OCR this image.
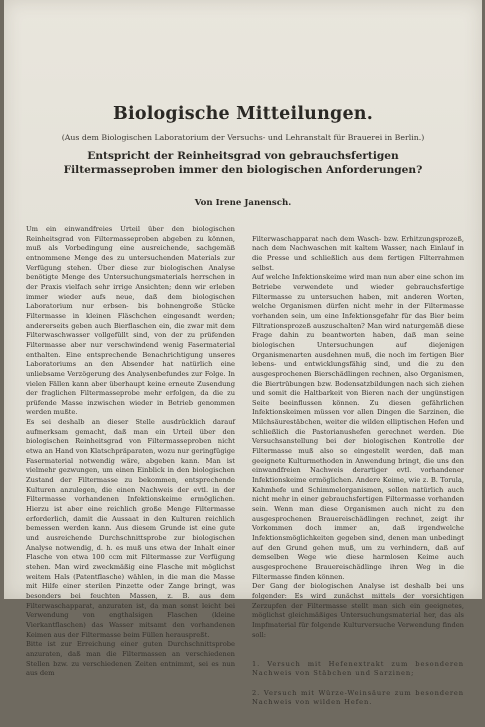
Biologische Mitteilungen.
(Aus dem Biologischen Laboratorium der Versuchs- und Lehranstalt für Brauerei in Berlin.)
Entspricht der Reinheitsgrad von gebrauchsfertigen Filtermasseproben immer den biologischen Anforderungen?
Von Irene Janensch.
Um ein einwandfreies Urteil über den biologischen Reinheitsgrad von Filtermasseproben abgeben zu können, muß als Vorbedingung eine ausreichende, sachgemäß entnommene Menge des zu untersuchenden Materials zur Verfügung stehen. Über diese zur biologischen Analyse benötigte Menge des Untersuchungsmaterials herrschen in der Praxis vielfach sehr irrige Ansichten; denn wir erleben immer wieder aufs neue, daß dem biologischen Laboratorium nur erbsen- bis bohnengroße Stücke Filtermasse in kleinen Fläschchen eingesandt werden; andererseits geben auch Bierflaschen ein, die zwar mit dem Filterwaschwasser vollgefüllt sind, von der zu prüfenden Filtermasse aber nur verschwindend wenig Fasermaterial enthalten. Eine entsprechende Benachrichtigung unseres Laboratoriums an den Absender hat natürlich eine unliebsame Verzögerung des Analysenbefundes zur Folge. In vielen Fällen kann aber überhaupt keine erneute Zusendung der fraglichen Filtermasseprobe mehr erfolgen, da die zu prüfende Masse inzwischen wieder in Betrieb genommen werden mußte.
Es sei deshalb an dieser Stelle ausdrücklich darauf aufmerksam gemacht, daß man ein Urteil über den biologischen Reinheitsgrad von Filtermasseproben nicht etwa an Hand von Klatschpräparaten, wozu nur geringfügige Fasermaterial notwendig wäre, abgeben kann. Man ist vielmehr gezwungen, um einen Einblick in den biologischen Zustand der Filtermasse zu bekommen, entsprechende Kulturen anzulegen, die einen Nachweis der evtl. in der Filtermasse vorhandenen Infektionskeime ermöglichen. Hierzu ist aber eine reichlich große Menge Filtermasse erforderlich, damit die Aussaat in den Kulturen reichlich bemessen werden kann. Aus diesem Grunde ist eine gute und ausreichende Durchschnittsprobe zur biologischen Analyse notwendig, d. h. es muß uns etwa der Inhalt einer Flasche von etwa 100 ccm mit Filtermasse zur Verfügung stehen. Man wird zweckmäßig eine Flasche mit möglichst weitem Hals (Patentflasche) wählen, in die man die Masse mit Hilfe einer sterilen Pinzette oder Zange bringt, was besonders bei feuchten Massen, z. B. aus dem Filterwaschapparat, anzuraten ist, da man sonst leicht bei Verwendung von engthalsigen Flaschen (kleine Vierkantflaschen) das Wasser mitsamt den vorhandenen Keimen aus der Filtermasse beim Füllen herauspreßt.
Bitte ist zur Erreichung einer guten Durchschnittsprobe anzuraten, daß man die Filtermassen an verschiedenen Stellen bzw. zu verschiedenen Zeiten entnimmt, sei es nun aus dem

Filterwaschapparat nach dem Wasch- bzw. Erhitzungsprozeß, nach dem Nachwaschen mit kaltem Wasser, nach Einlauf in die Presse und schließlich aus dem fertigen Filterrahmen selbst.
Auf welche Infektionskeime wird man nun aber eine schon im Betriebe verwendete und wieder gebrauchsfertige Filtermasse zu untersuchen haben, mit anderen Worten, welche Organismen dürfen nicht mehr in der Filtermasse vorhanden sein, um eine Infektionsgefahr für das Bier beim Filtrationsprozeß auszuschalten? Man wird naturgemäß diese Frage dahin zu beantworten haben, daß man seine biologischen Untersuchungen auf diejenigen Organismenarten ausdehnen muß, die noch im fertigen Bier lebens- und entwicklungsfähig sind, und die zu den ausgesprochenen Bierschädlingen rechnen, also Organismen, die Biertrübungen bzw. Bodensatzbildungen nach sich ziehen und somit die Haltbarkeit von Bieren nach der ungünstigen Seite beeinflussen können. Zu diesen gefährlichen Infektionskeimen müssen vor allen Dingen die Sarzinen, die Milchsäurestäbchen, weiter die wilden elliptischen Hefen und schließlich die Pastorianushefen gerechnet werden. Die Versuchsanstellung bei der biologischen Kontrolle der Filtermasse muß also so eingestellt werden, daß man geeignete Kulturmethoden in Anwendung bringt, die uns den einwandfreien Nachweis derartiger evtl. vorhandener Infektionskeime ermöglichen. Andere Keime, wie z. B. Torula, Kahmhefe und Schimmelorganismen, sollen natürlich auch nicht mehr in einer gebrauchsfertigen Filtermasse vorhanden sein. Wenn man diese Organismen auch nicht zu den ausgesprochenen Brauereischädlingen rechnet, zeigt ihr Vorkommen doch immer an, daß irgendwelche Infektionsmöglichkeiten gegeben sind, denen man unbedingt auf den Grund gehen muß, um zu verhindern, daß auf demselben Wege wie diese harmlosen Keime auch ausgesprochene Brauereischädlinge ihren Weg in die Filtermasse finden können.
Der Gang der biologischen Analyse ist deshalb bei uns folgender: Es wird zunächst mittels der vorsichtigen Zerzupfen der Filtermasse stellt man sich ein geeignetes, möglichst gleichmäßiges Untersuchungsmaterial her, das als Impfmaterial für folgende Kulturversuche Verwendung finden soll:

1. Versuch mit Hefenextrakt zum besonderen Nachweis von Stäbchen und Sarzinen;

2. Versuch mit Würze-Weinsäure zum besonderen Nachweis von wilden Hefen.
